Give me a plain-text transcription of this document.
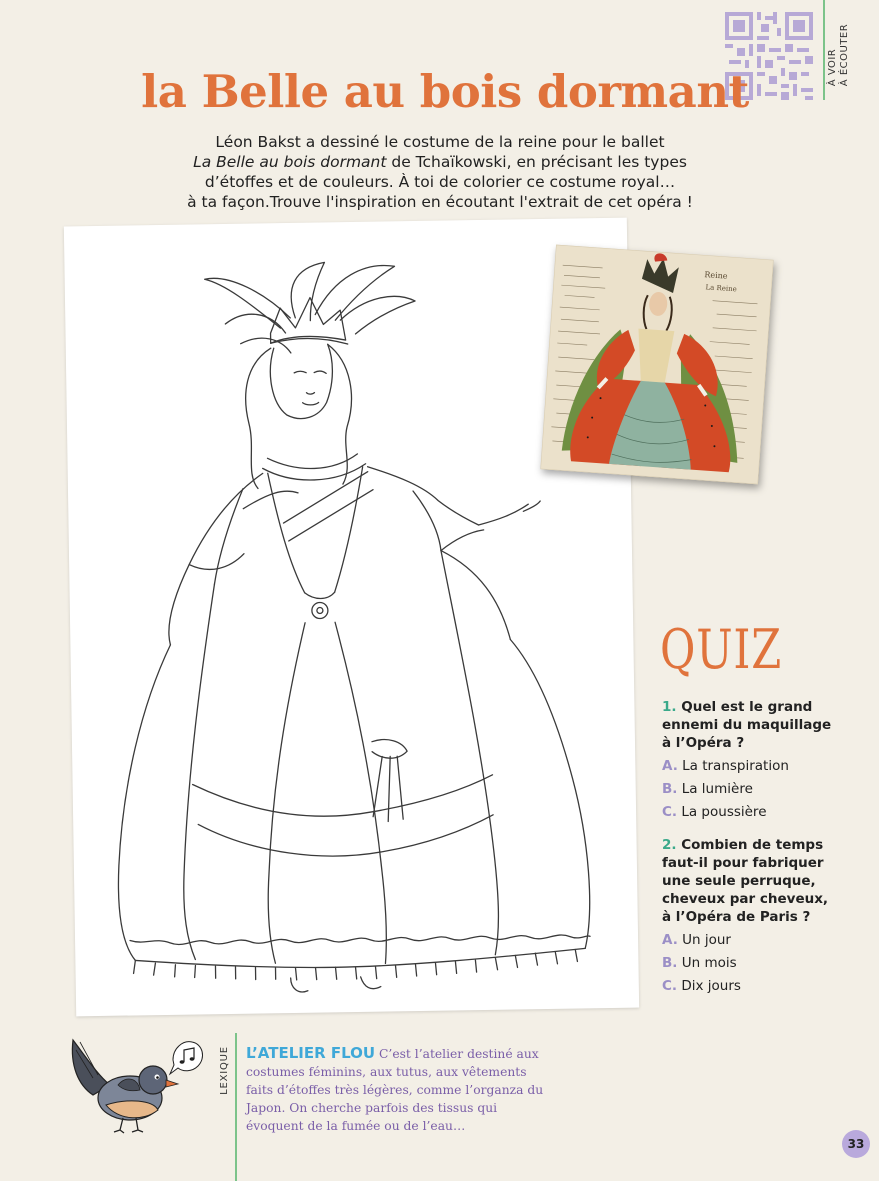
À VOIR À ÉCOUTER
la Belle au bois dormant
Léon Bakst a dessiné le costume de la reine pour le ballet
La Belle au bois dormant de Tchaïkowski, en précisant les types
d’étoffes et de couleurs. À toi de colorier ce costume royal…
à ta façon.Trouve l'inspiration en écoutant l'extrait de cet opéra !
Reine
La Reine
QUIZ

1. Quel est le grand ennemi du maquillage à l’Opéra ?

A. La transpiration
B. La lumière
C. La poussière

2. Combien de temps faut-il pour fabriquer une seule perruque, cheveux par cheveux, à l’Opéra de Paris ?

A. Un jour
B. Un mois
C. Dix jours
LEXIQUE L’ATELIER FLOU C’est l’atelier destiné aux costumes féminins, aux tutus, aux vêtements faits d’étoffes très légères, comme l’organza du Japon. On cherche parfois des tissus qui évoquent de la fumée ou de l’eau…
33
